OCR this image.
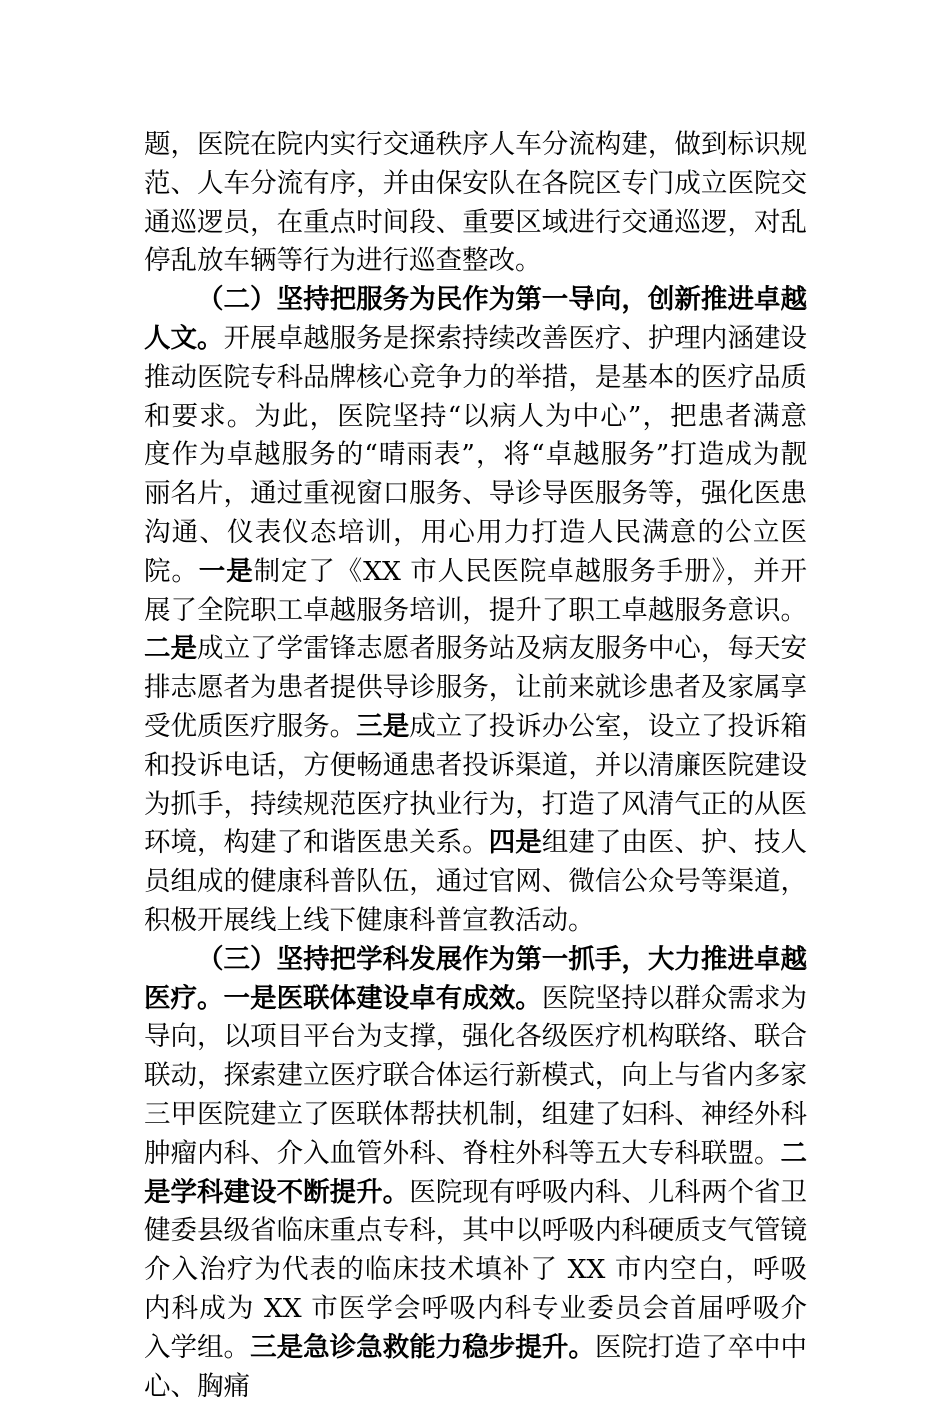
题，医院在院内实行交通秩序人车分流构建，做到标识规范、人车分流有序，并由保安队在各院区专门成立医院交通巡逻员，在重点时间段、重要区域进行交通巡逻，对乱停乱放车辆等行为进行巡查整改。

（二）坚持把服务为民作为第一导向，创新推进卓越人文。开展卓越服务是探索持续改善医疗、护理内涵建设推动医院专科品牌核心竞争力的举措，是基本的医疗品质和要求。为此，医院坚持“以病人为中心”，把患者满意度作为卓越服务的“晴雨表”，将“卓越服务”打造成为靓丽名片，通过重视窗口服务、导诊导医服务等，强化医患沟通、仪表仪态培训，用心用力打造人民满意的公立医院。一是制定了《XX 市人民医院卓越服务手册》，并开展了全院职工卓越服务培训，提升了职工卓越服务意识。二是成立了学雷锋志愿者服务站及病友服务中心，每天安排志愿者为患者提供导诊服务，让前来就诊患者及家属享受优质医疗服务。三是成立了投诉办公室，设立了投诉箱和投诉电话，方便畅通患者投诉渠道，并以清廉医院建设为抓手，持续规范医疗执业行为，打造了风清气正的从医环境，构建了和谐医患关系。四是组建了由医、护、技人员组成的健康科普队伍，通过官网、微信公众号等渠道，积极开展线上线下健康科普宣教活动。

（三）坚持把学科发展作为第一抓手，大力推进卓越医疗。一是医联体建设卓有成效。医院坚持以群众需求为导向，以项目平台为支撑，强化各级医疗机构联络、联合联动，探索建立医疗联合体运行新模式，向上与省内多家三甲医院建立了医联体帮扶机制，组建了妇科、神经外科肿瘤内科、介入血管外科、脊柱外科等五大专科联盟。二是学科建设不断提升。医院现有呼吸内科、儿科两个省卫健委县级省临床重点专科，其中以呼吸内科硬质支气管镜介入治疗为代表的临床技术填补了 XX 市内空白，呼吸内科成为 XX 市医学会呼吸内科专业委员会首届呼吸介入学组。三是急诊急救能力稳步提升。医院打造了卒中中心、胸痛
